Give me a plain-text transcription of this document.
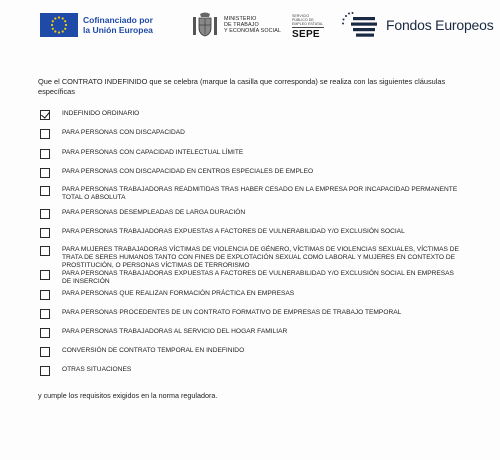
Cofinanciado por
la Unión Europea
MINISTERIO
DE TRABAJO
Y ECONOMÍA SOCIAL
SERVICIO PÚBLICO DE EMPLEO ESTATAL
SEPE
Fondos Europeos
Que el CONTRATO INDEFINIDO que se celebra (marque la casilla que corresponda) se realiza con las siguientes cláusulas específicas
INDEFINIDO ORDINARIO
PARA PERSONAS CON DISCAPACIDAD
PARA PERSONAS CON CAPACIDAD INTELECTUAL LÍMITE
PARA PERSONAS CON DISCAPACIDAD EN CENTROS ESPECIALES DE EMPLEO
PARA PERSONAS TRABAJADORAS READMITIDAS TRAS HABER CESADO EN LA EMPRESA POR INCAPACIDAD PERMANENTE TOTAL O ABSOLUTA
PARA PERSONAS DESEMPLEADAS DE LARGA DURACIÓN
PARA PERSONAS TRABAJADORAS EXPUESTAS A FACTORES DE VULNERABILIDAD Y/O EXCLUSIÓN SOCIAL
PARA MUJERES TRABAJADORAS VÍCTIMAS DE VIOLENCIA DE GÉNERO, VÍCTIMAS DE VIOLENCIAS SEXUALES, VÍCTIMAS DE TRATA DE SERES HUMANOS TANTO CON FINES DE EXPLOTACIÓN SEXUAL COMO LABORAL Y MUJERES EN CONTEXTO DE PROSTITUCIÓN, O PERSONAS VÍCTIMAS DE TERRORISMO
PARA PERSONAS TRABAJADORAS EXPUESTAS A FACTORES DE VULNERABILIDAD Y/O EXCLUSIÓN SOCIAL EN EMPRESAS DE INSERCIÓN
PARA PERSONAS QUE REALIZAN FORMACIÓN PRÁCTICA EN EMPRESAS
PARA PERSONAS PROCEDENTES DE UN CONTRATO FORMATIVO DE EMPRESAS DE TRABAJO TEMPORAL
PARA PERSONAS TRABAJADORAS AL SERVICIO DEL HOGAR FAMILIAR
CONVERSIÓN DE CONTRATO TEMPORAL EN INDEFINIDO
OTRAS SITUACIONES
y cumple los requisitos exigidos en la norma reguladora.
